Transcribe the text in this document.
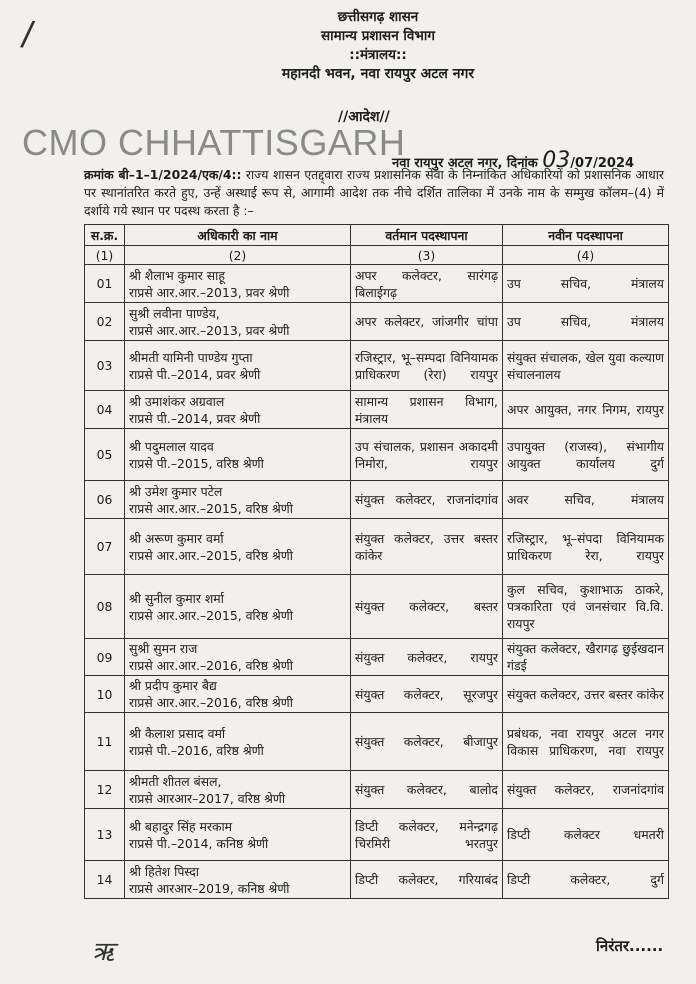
/	छत्तीसगढ़ शासन
सामान्य प्रशासन विभाग
::मंत्रालय::
महानदी भवन, नवा रायपुर अटल नगर
//आदेश//
CMO CHHATTISGARH
नवा रायपुर अटल नगर, दिनांक 03/07/2024
क्रमांक बी–1–1/2024/एक/4:: राज्य शासन एतद्द्वारा राज्य प्रशासनिक सेवा के निम्नांकित अधिकारियों को प्रशासनिक आधार पर स्थानांतरित करते हुए, उन्हें अस्थाई रूप से, आगामी आदेश तक नीचे दर्शित तालिका में उनके नाम के सम्मुख कॉलम–(4) में दर्शाये गये स्थान पर पदस्थ करता है :–
स.क्र.	अधिकारी का नाम	वर्तमान पदस्थापना	नवीन पदस्थापना
(1)	(2)	(3)	(4)
01	श्री शैलाभ कुमार साहू
राप्रसे आर.आर.–2013, प्रवर श्रेणी	अपर कलेक्टर, सारंगढ़ बिलाईगढ़	उप सचिव, मंत्रालय
02	सुश्री लवीना पाण्डेय,
राप्रसे आर.आर.–2013, प्रवर श्रेणी	अपर कलेक्टर, जांजगीर चांपा	उप सचिव, मंत्रालय
03	श्रीमती यामिनी पाण्डेय गुप्ता
राप्रसे पी.–2014, प्रवर श्रेणी	रजिस्ट्रार, भू–सम्पदा विनियामक प्राधिकरण (रेरा) रायपुर	संयुक्त संचालक, खेल युवा कल्याण संचालनालय
04	श्री उमाशंकर अग्रवाल
राप्रसे पी.–2014, प्रवर श्रेणी	सामान्य प्रशासन विभाग, मंत्रालय	अपर आयुक्त, नगर निगम, रायपुर
05	श्री पदुमलाल यादव
राप्रसे पी.–2015, वरिष्ठ श्रेणी	उप संचालक, प्रशासन अकादमी निमोरा, रायपुर	उपायुक्त (राजस्व), संभागीय आयुक्त कार्यालय दुर्ग
06	श्री उमेश कुमार पटेल
राप्रसे आर.आर.–2015, वरिष्ठ श्रेणी	संयुक्त कलेक्टर, राजनांदगांव	अवर सचिव, मंत्रालय
07	श्री अरूण कुमार वर्मा
राप्रसे आर.आर.–2015, वरिष्ठ श्रेणी	संयुक्त कलेक्टर, उत्तर बस्तर कांकेर	रजिस्ट्रार, भू–संपदा विनियामक प्राधिकरण रेरा, रायपुर
08	श्री सुनील कुमार शर्मा
राप्रसे आर.आर.–2015, वरिष्ठ श्रेणी	संयुक्त कलेक्टर, बस्तर	कुल सचिव, कुशाभाऊ ठाकरे, पत्रकारिता एवं जनसंचार वि.वि. रायपुर
09	सुश्री सुमन राज
राप्रसे आर.आर.–2016, वरिष्ठ श्रेणी	संयुक्त कलेक्टर, रायपुर	संयुक्त कलेक्टर, खैरागढ़ छुईखदान गंडई
10	श्री प्रदीप कुमार बैद्य
राप्रसे आर.आर.–2016, वरिष्ठ श्रेणी	संयुक्त कलेक्टर, सूरजपुर	संयुक्त कलेक्टर, उत्तर बस्तर कांकेर
11	श्री कैलाश प्रसाद वर्मा
राप्रसे पी.–2016, वरिष्ठ श्रेणी	संयुक्त कलेक्टर, बीजापुर	प्रबंधक, नवा रायपुर अटल नगर विकास प्राधिकरण, नवा रायपुर
12	श्रीमती शीतल बंसल,
राप्रसे आरआर–2017, वरिष्ठ श्रेणी	संयुक्त कलेक्टर, बालोद	संयुक्त कलेक्टर, राजनांदगांव
13	श्री बहादुर सिंह मरकाम
राप्रसे पी.–2014, कनिष्ठ श्रेणी	डिप्टी कलेक्टर, मनेन्द्रगढ़ चिरमिरी भरतपुर	डिप्टी कलेक्टर धमतरी
14	श्री हितेश पिस्दा
राप्रसे आरआर–2019, कनिष्ठ श्रेणी	डिप्टी कलेक्टर, गरियाबंद	डिप्टी कलेक्टर, दुर्ग
ऋ	निरंतर......
